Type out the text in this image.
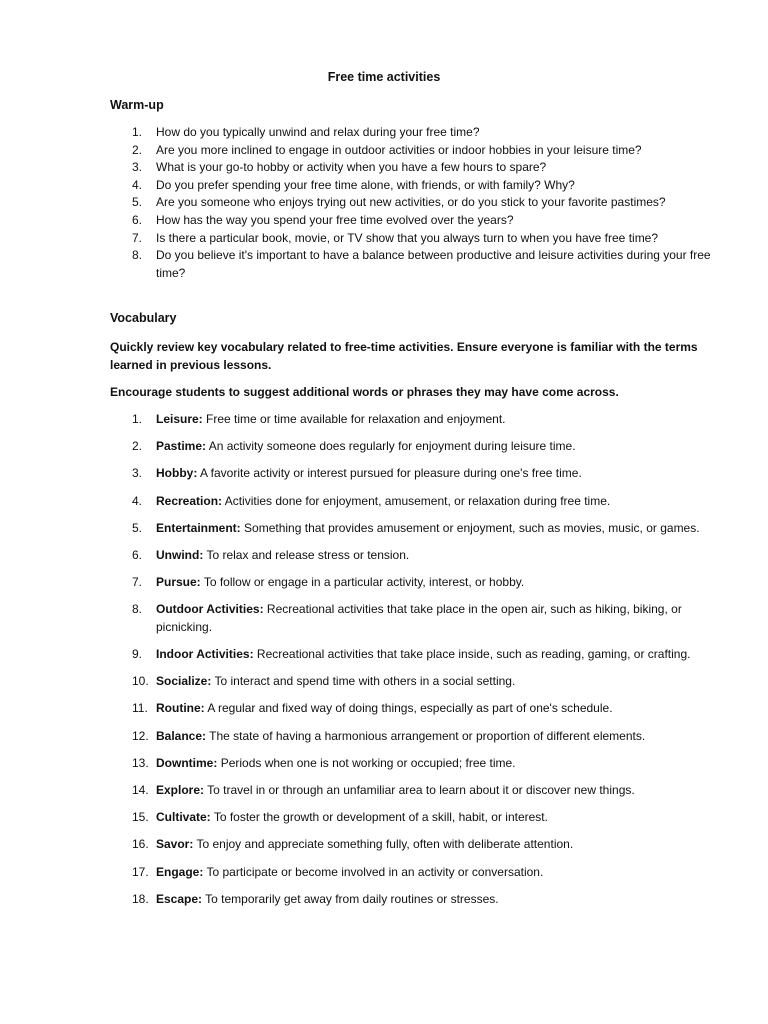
Free time activities
Warm-up
1. How do you typically unwind and relax during your free time?
2. Are you more inclined to engage in outdoor activities or indoor hobbies in your leisure time?
3. What is your go-to hobby or activity when you have a few hours to spare?
4. Do you prefer spending your free time alone, with friends, or with family? Why?
5. Are you someone who enjoys trying out new activities, or do you stick to your favorite pastimes?
6. How has the way you spend your free time evolved over the years?
7. Is there a particular book, movie, or TV show that you always turn to when you have free time?
8. Do you believe it's important to have a balance between productive and leisure activities during your free time?
Vocabulary
Quickly review key vocabulary related to free-time activities. Ensure everyone is familiar with the terms learned in previous lessons.
Encourage students to suggest additional words or phrases they may have come across.
1. Leisure: Free time or time available for relaxation and enjoyment.
2. Pastime: An activity someone does regularly for enjoyment during leisure time.
3. Hobby: A favorite activity or interest pursued for pleasure during one's free time.
4. Recreation: Activities done for enjoyment, amusement, or relaxation during free time.
5. Entertainment: Something that provides amusement or enjoyment, such as movies, music, or games.
6. Unwind: To relax and release stress or tension.
7. Pursue: To follow or engage in a particular activity, interest, or hobby.
8. Outdoor Activities: Recreational activities that take place in the open air, such as hiking, biking, or picnicking.
9. Indoor Activities: Recreational activities that take place inside, such as reading, gaming, or crafting.
10. Socialize: To interact and spend time with others in a social setting.
11. Routine: A regular and fixed way of doing things, especially as part of one's schedule.
12. Balance: The state of having a harmonious arrangement or proportion of different elements.
13. Downtime: Periods when one is not working or occupied; free time.
14. Explore: To travel in or through an unfamiliar area to learn about it or discover new things.
15. Cultivate: To foster the growth or development of a skill, habit, or interest.
16. Savor: To enjoy and appreciate something fully, often with deliberate attention.
17. Engage: To participate or become involved in an activity or conversation.
18. Escape: To temporarily get away from daily routines or stresses.
